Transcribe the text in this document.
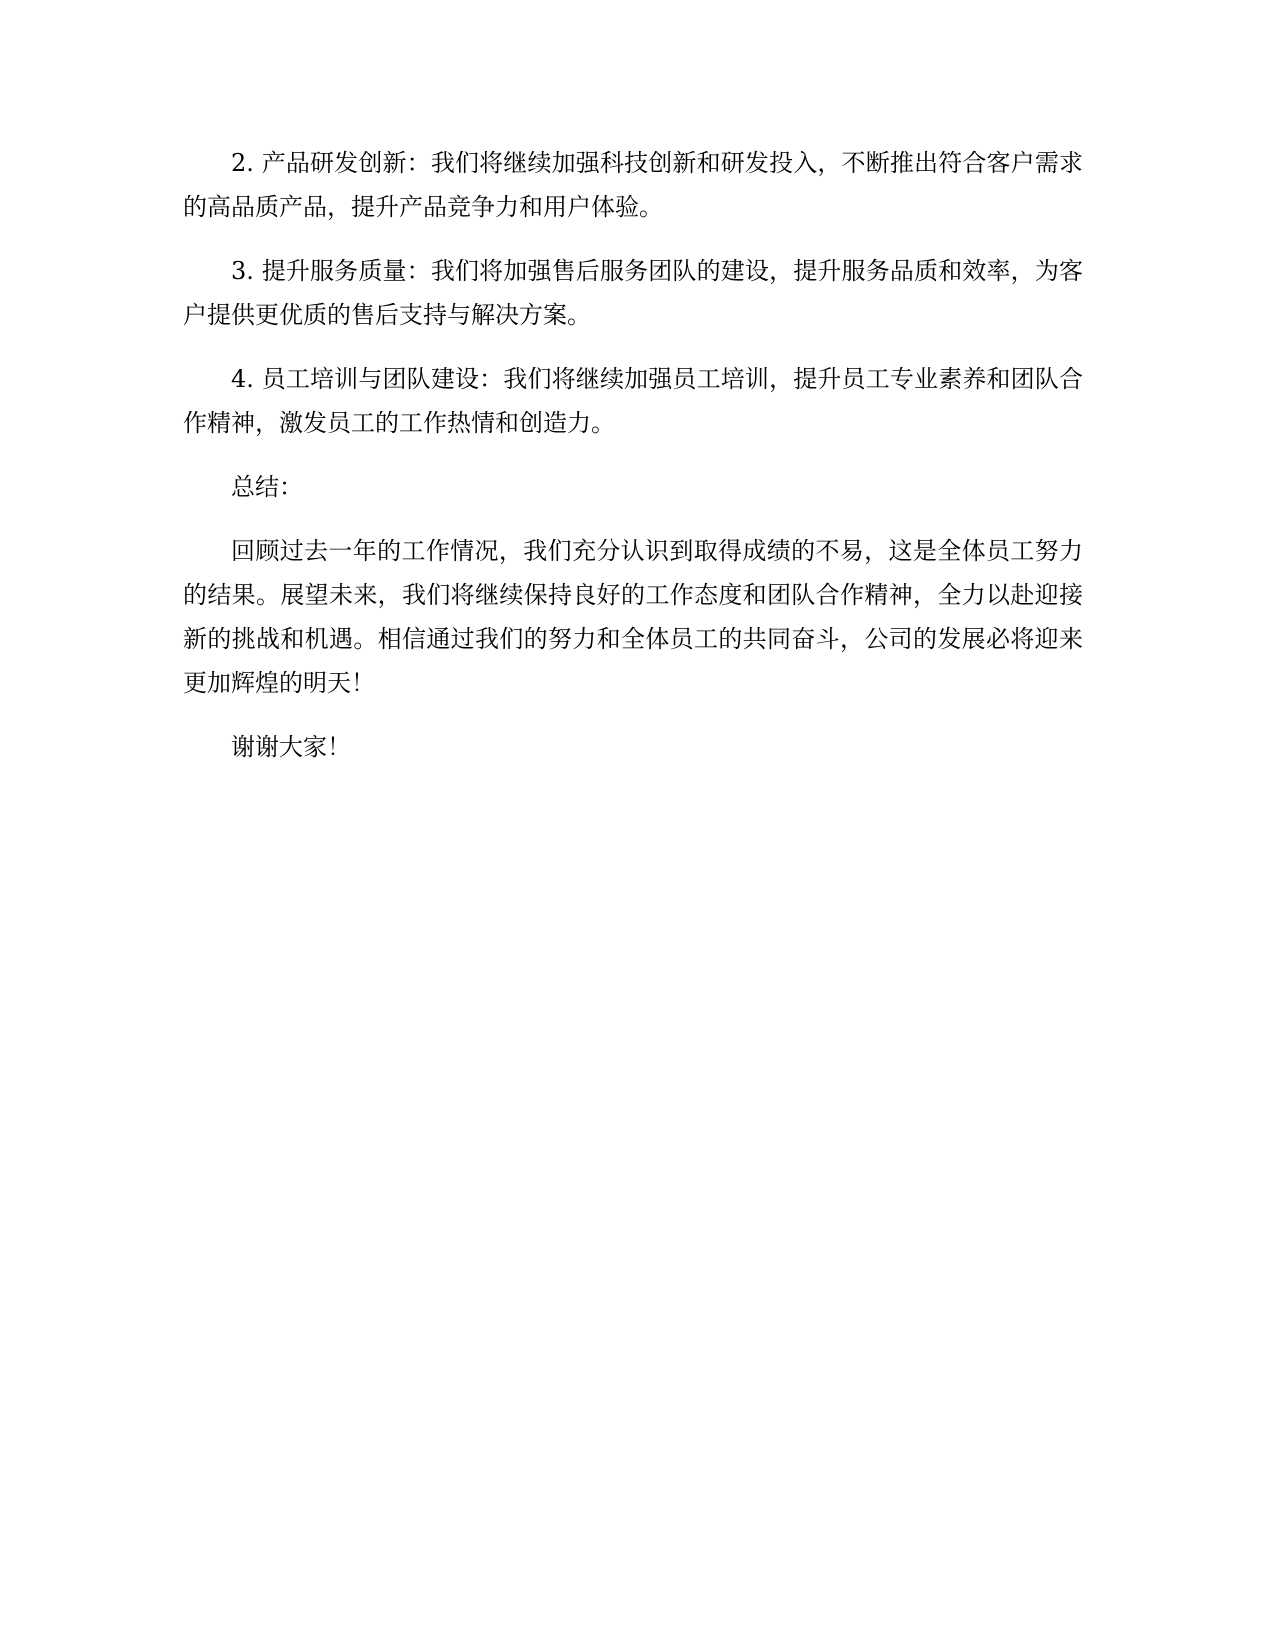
2. 产品研发创新：我们将继续加强科技创新和研发投入，不断推出符合客户需求的高品质产品，提升产品竞争力和用户体验。

3. 提升服务质量：我们将加强售后服务团队的建设，提升服务品质和效率，为客户提供更优质的售后支持与解决方案。

4. 员工培训与团队建设：我们将继续加强员工培训，提升员工专业素养和团队合作精神，激发员工的工作热情和创造力。

总结：

回顾过去一年的工作情况，我们充分认识到取得成绩的不易，这是全体员工努力的结果。展望未来，我们将继续保持良好的工作态度和团队合作精神，全力以赴迎接新的挑战和机遇。相信通过我们的努力和全体员工的共同奋斗，公司的发展必将迎来更加辉煌的明天！

谢谢大家！
